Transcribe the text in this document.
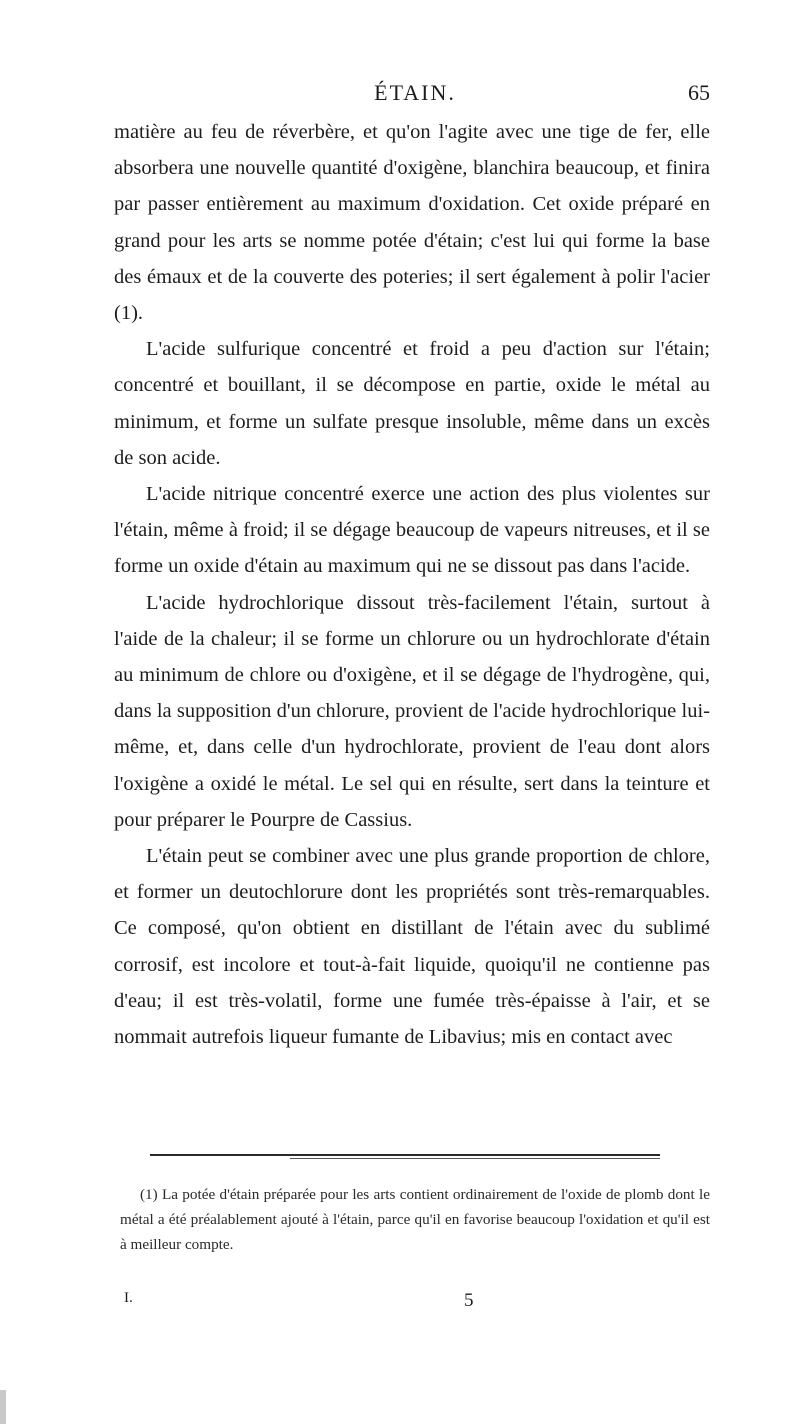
ÉTAIN.	65

matière au feu de réverbère, et qu'on l'agite avec une tige de fer, elle absorbera une nouvelle quantité d'oxigène, blanchira beaucoup, et finira par passer entièrement au maximum d'oxidation. Cet oxide préparé en grand pour les arts se nomme potée d'étain; c'est lui qui forme la base des émaux et de la couverte des poteries; il sert également à polir l'acier (1).

L'acide sulfurique concentré et froid a peu d'action sur l'étain; concentré et bouillant, il se décompose en partie, oxide le métal au minimum, et forme un sulfate presque insoluble, même dans un excès de son acide.

L'acide nitrique concentré exerce une action des plus violentes sur l'étain, même à froid; il se dégage beaucoup de vapeurs nitreuses, et il se forme un oxide d'étain au maximum qui ne se dissout pas dans l'acide.

L'acide hydrochlorique dissout très-facilement l'étain, surtout à l'aide de la chaleur; il se forme un chlorure ou un hydrochlorate d'étain au minimum de chlore ou d'oxigène, et il se dégage de l'hydrogène, qui, dans la supposition d'un chlorure, provient de l'acide hydrochlorique lui-même, et, dans celle d'un hydrochlorate, provient de l'eau dont alors l'oxigène a oxidé le métal. Le sel qui en résulte, sert dans la teinture et pour préparer le Pourpre de Cassius.

L'étain peut se combiner avec une plus grande proportion de chlore, et former un deutochlorure dont les propriétés sont très-remarquables. Ce composé, qu'on obtient en distillant de l'étain avec du sublimé corrosif, est incolore et tout-à-fait liquide, quoiqu'il ne contienne pas d'eau; il est très-volatil, forme une fumée très-épaisse à l'air, et se nommait autrefois liqueur fumante de Libavius; mis en contact avec

(1) La potée d'étain préparée pour les arts contient ordinairement de l'oxide de plomb dont le métal a été préalablement ajouté à l'étain, parce qu'il en favorise beaucoup l'oxidation et qu'il est à meilleur compte.
I.	5
